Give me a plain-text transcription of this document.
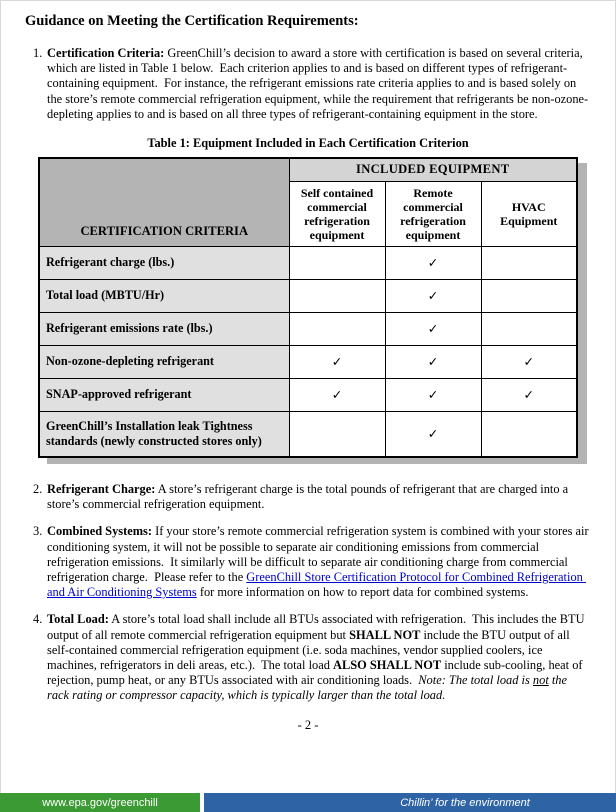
Guidance on Meeting the Certification Requirements:
1. Certification Criteria: GreenChill’s decision to award a store with certification is based on several criteria, which are listed in Table 1 below.  Each criterion applies to and is based on different types of refrigerant-containing equipment.  For instance, the refrigerant emissions rate criteria applies to and is based solely on the store’s remote commercial refrigeration equipment, while the requirement that refrigerants be non-ozone-depleting applies to and is based on all three types of refrigerant-containing equipment in the store.
Table 1: Equipment Included in Each Certification Criterion
CERTIFICATION CRITERIA	INCLUDED EQUIPMENT		
	Self contained commercial refrigeration equipment	Remote commercial refrigeration equipment	HVAC Equipment
Refrigerant charge (lbs.)		✓	
Total load (MBTU/Hr)		✓	
Refrigerant emissions rate (lbs.)		✓	
Non-ozone-depleting refrigerant	✓	✓	✓
SNAP-approved refrigerant	✓	✓	✓
GreenChill’s Installation leak Tightness standards (newly constructed stores only)		✓	
2. Refrigerant Charge: A store’s refrigerant charge is the total pounds of refrigerant that are charged into a store’s commercial refrigeration equipment.
3. Combined Systems: If your store’s remote commercial refrigeration system is combined with your stores air conditioning system, it will not be possible to separate air conditioning emissions from commercial refrigeration emissions.  It similarly will be difficult to separate air conditioning charge from commercial refrigeration charge.  Please refer to the GreenChill Store Certification Protocol for Combined Refrigeration and Air Conditioning Systems for more information on how to report data for combined systems.
4. Total Load: A store’s total load shall include all BTUs associated with refrigeration.  This includes the BTU output of all remote commercial refrigeration equipment but SHALL NOT include the BTU output of all self-contained commercial refrigeration equipment (i.e. soda machines, vendor supplied coolers, ice machines, refrigerators in deli areas, etc.).  The total load ALSO SHALL NOT include sub-cooling, heat of rejection, pump heat, or any BTUs associated with air conditioning loads.  Note: The total load is not the rack rating or compressor capacity, which is typically larger than the total load.
- 2 -
www.epa.gov/greenchill	Chillin’ for the environment
